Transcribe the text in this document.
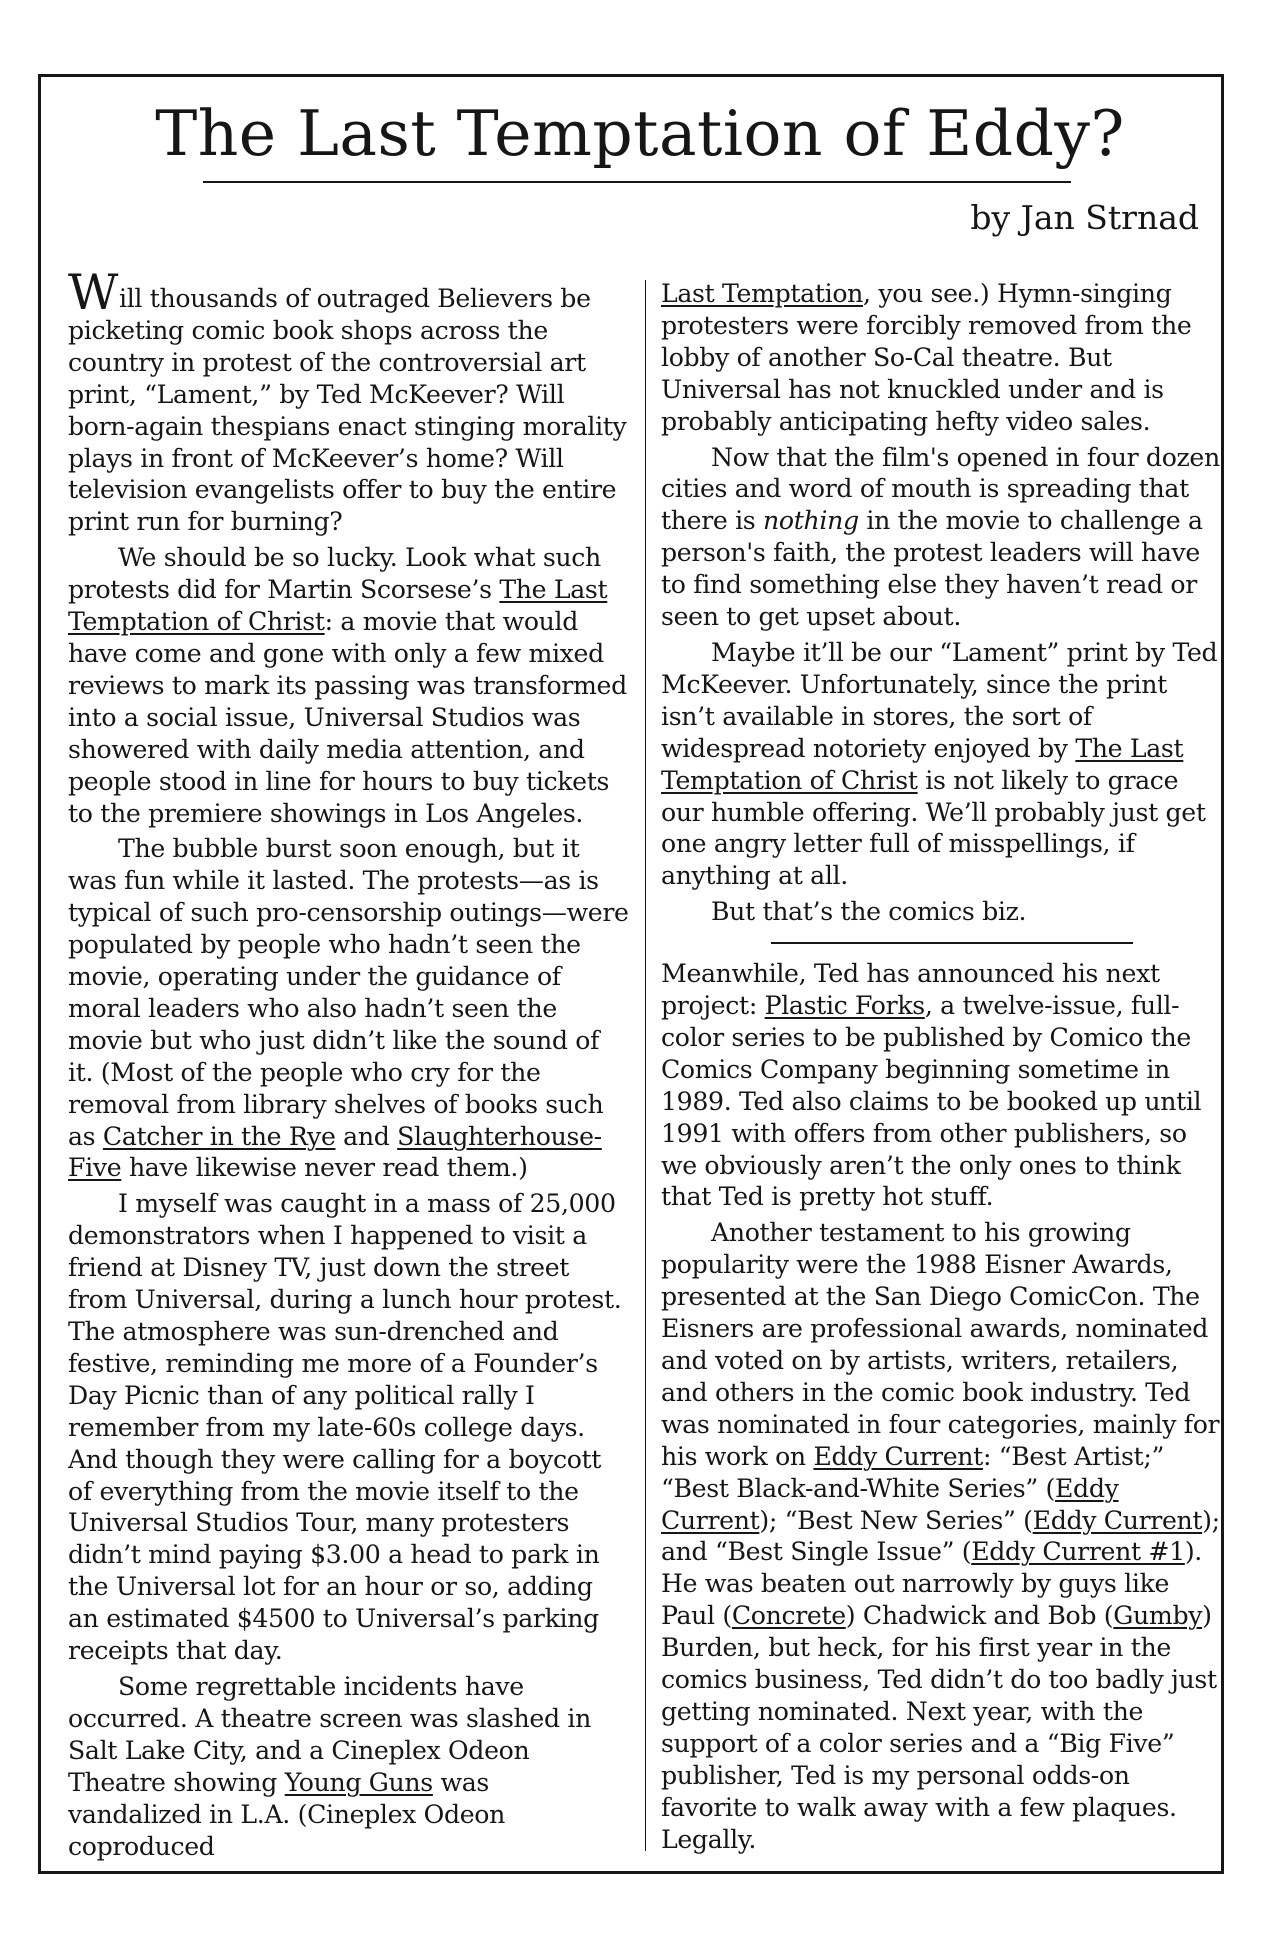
The Last Temptation of Eddy?
by Jan Strnad

Will thousands of outraged Believers be picketing comic book shops across the country in protest of the controversial art print, “Lament,” by Ted McKeever? Will born-again thespians enact stinging morality plays in front of McKeever’s home? Will television evangelists offer to buy the entire print run for burning?

We should be so lucky. Look what such protests did for Martin Scorsese’s The Last Temptation of Christ: a movie that would have come and gone with only a few mixed reviews to mark its passing was transformed into a social issue, Universal Studios was showered with daily media attention, and people stood in line for hours to buy tickets to the premiere showings in Los Angeles.

The bubble burst soon enough, but it was fun while it lasted. The protests—as is typical of such pro-censorship outings—were populated by people who hadn’t seen the movie, operating under the guidance of moral leaders who also hadn’t seen the movie but who just didn’t like the sound of it. (Most of the people who cry for the removal from library shelves of books such as Catcher in the Rye and Slaughterhouse-Five have likewise never read them.)

I myself was caught in a mass of 25,000 demonstrators when I happened to visit a friend at Disney TV, just down the street from Universal, during a lunch hour protest. The atmosphere was sun-drenched and festive, reminding me more of a Founder’s Day Picnic than of any political rally I remember from my late-60s college days. And though they were calling for a boycott of everything from the movie itself to the Universal Studios Tour, many protesters didn’t mind paying $3.00 a head to park in the Universal lot for an hour or so, adding an estimated $4500 to Universal’s parking receipts that day.

Some regrettable incidents have occurred. A theatre screen was slashed in Salt Lake City, and a Cineplex Odeon Theatre showing Young Guns was vandalized in L.A. (Cineplex Odeon coproduced

Last Temptation, you see.) Hymn-singing protesters were forcibly removed from the lobby of another So-Cal theatre. But Universal has not knuckled under and is probably anticipating hefty video sales.

Now that the film's opened in four dozen cities and word of mouth is spreading that there is nothing in the movie to challenge a person's faith, the protest leaders will have to find something else they haven’t read or seen to get upset about.

Maybe it’ll be our “Lament” print by Ted McKeever. Unfortunately, since the print isn’t available in stores, the sort of widespread notoriety enjoyed by The Last Temptation of Christ is not likely to grace our humble offering. We’ll probably just get one angry letter full of misspellings, if anything at all.

But that’s the comics biz.

Meanwhile, Ted has announced his next project: Plastic Forks, a twelve-issue, full-color series to be published by Comico the Comics Company beginning sometime in 1989. Ted also claims to be booked up until 1991 with offers from other publishers, so we obviously aren’t the only ones to think that Ted is pretty hot stuff.

Another testament to his growing popularity were the 1988 Eisner Awards, presented at the San Diego ComicCon. The Eisners are professional awards, nominated and voted on by artists, writers, retailers, and others in the comic book industry. Ted was nominated in four categories, mainly for his work on Eddy Current: “Best Artist;” “Best Black-and-White Series” (Eddy Current); “Best New Series” (Eddy Current); and “Best Single Issue” (Eddy Current #1). He was beaten out narrowly by guys like Paul (Concrete) Chadwick and Bob (Gumby) Burden, but heck, for his first year in the comics business, Ted didn’t do too badly just getting nominated. Next year, with the support of a color series and a “Big Five” publisher, Ted is my personal odds-on favorite to walk away with a few plaques. Legally.
